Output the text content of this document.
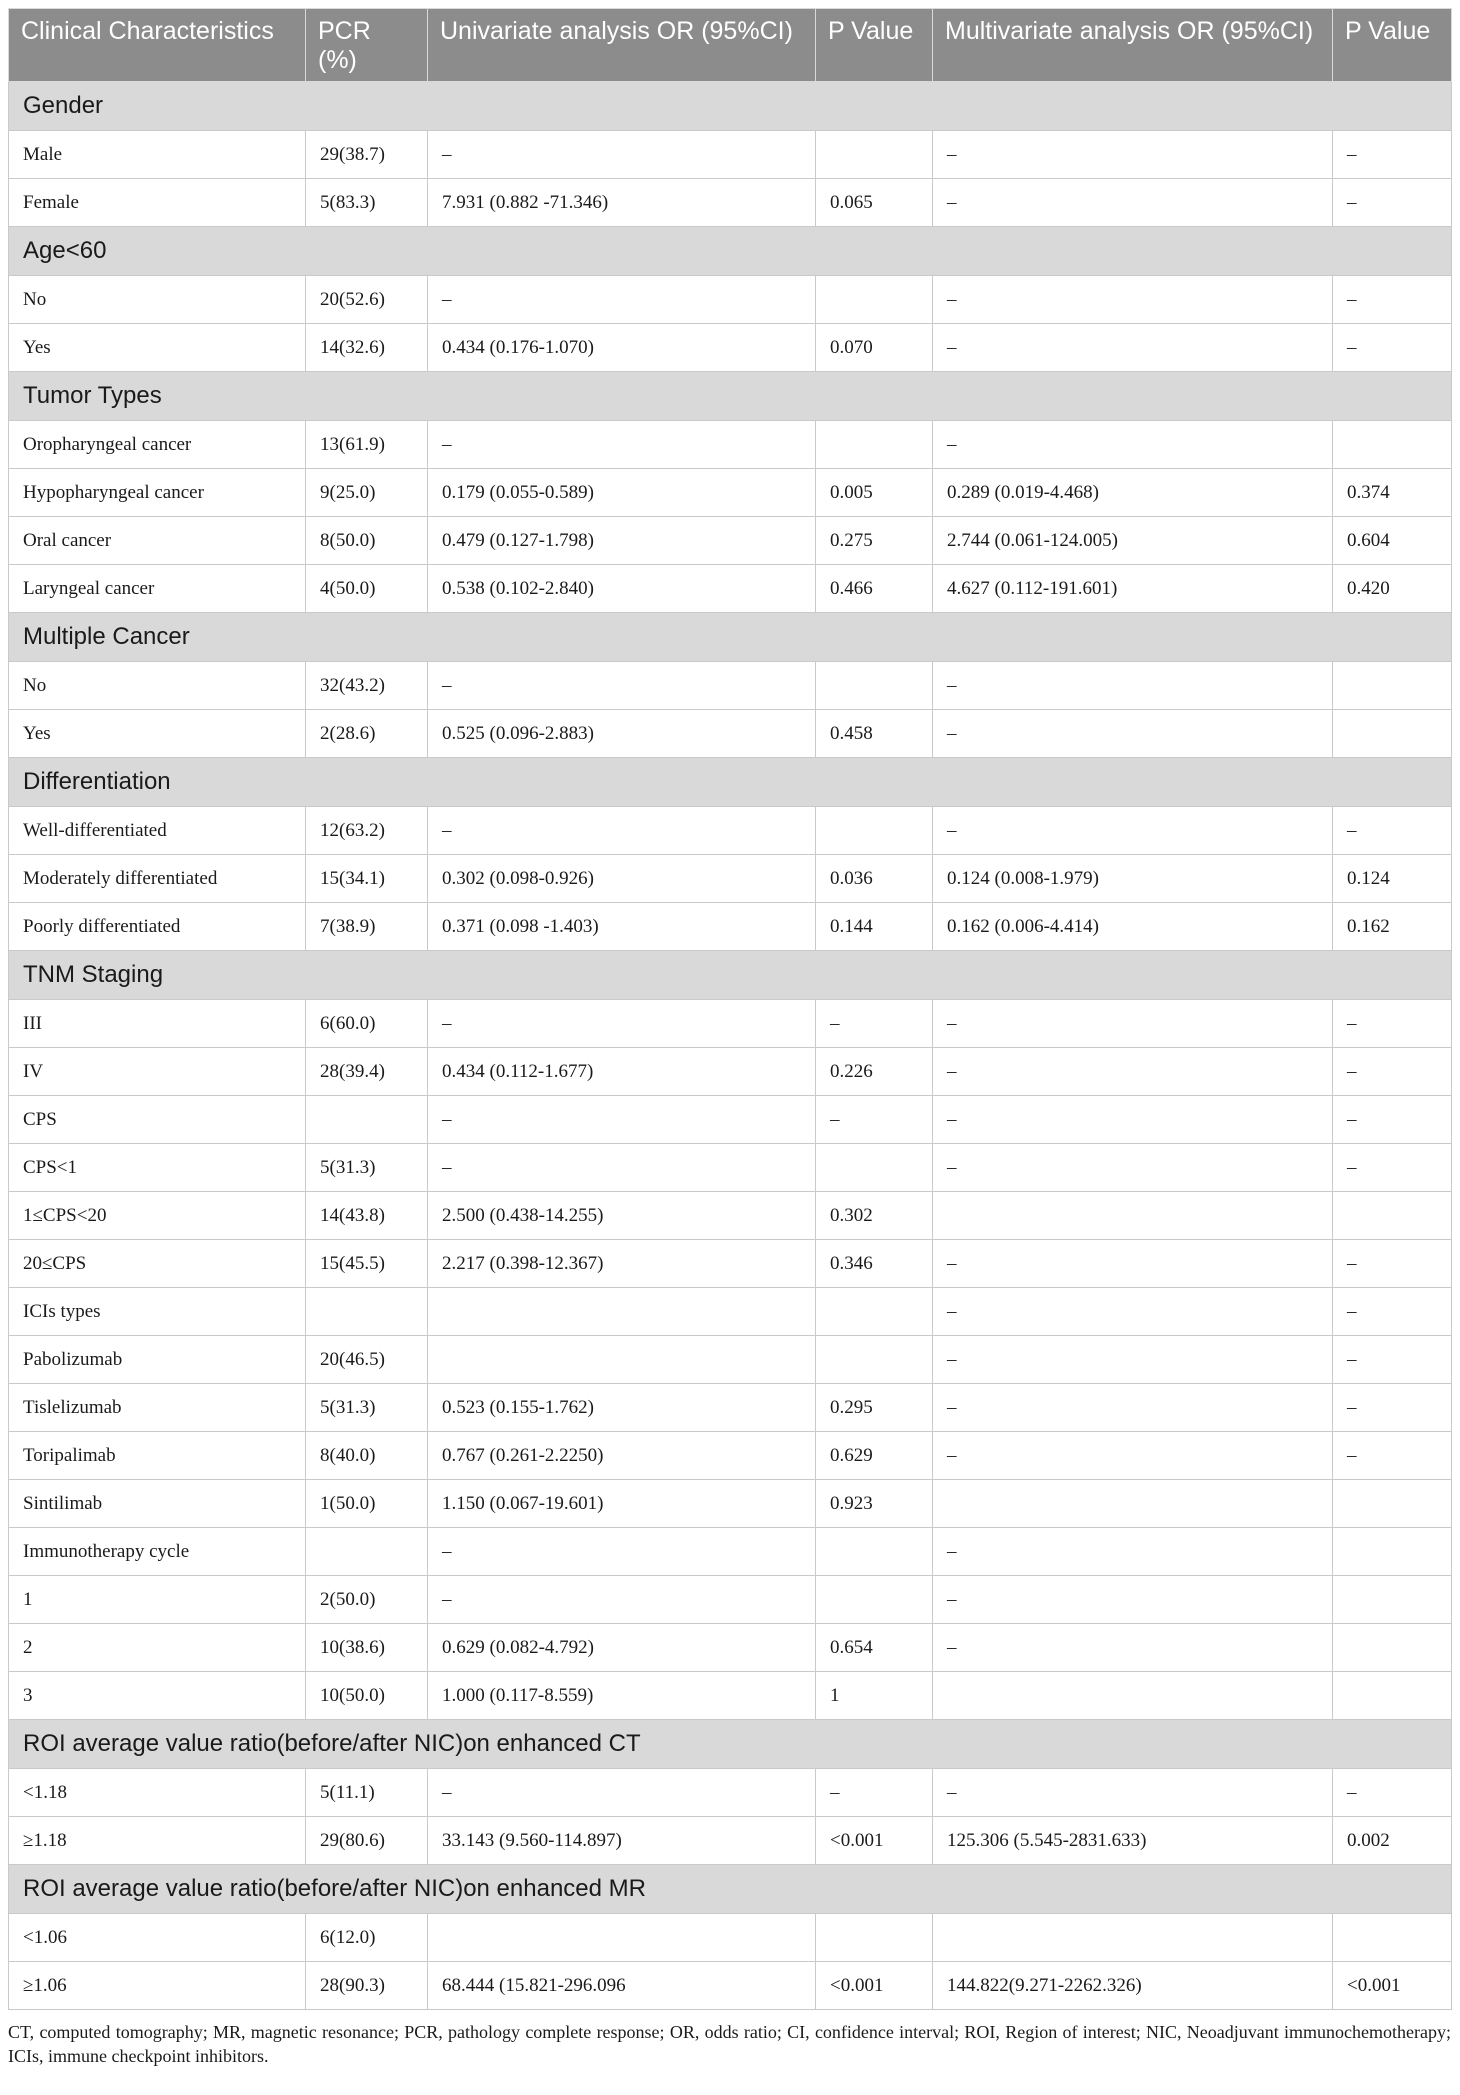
Clinical Characteristics	PCR (%)	Univariate analysis OR (95%CI)	P Value	Multivariate analysis OR (95%CI)	P Value
Gender					
Male	29(38.7)	–		–	–
Female	5(83.3)	7.931 (0.882 -71.346)	0.065	–	–
Age<60					
No	20(52.6)	–		–	–
Yes	14(32.6)	0.434 (0.176-1.070)	0.070	–	–
Tumor Types					
Oropharyngeal cancer	13(61.9)	–		–	
Hypopharyngeal cancer	9(25.0)	0.179 (0.055-0.589)	0.005	0.289 (0.019-4.468)	0.374
Oral cancer	8(50.0)	0.479 (0.127-1.798)	0.275	2.744 (0.061-124.005)	0.604
Laryngeal cancer	4(50.0)	0.538 (0.102-2.840)	0.466	4.627 (0.112-191.601)	0.420
Multiple Cancer					
No	32(43.2)	–		–	
Yes	2(28.6)	0.525 (0.096-2.883)	0.458	–	
Differentiation					
Well-differentiated	12(63.2)	–		–	–
Moderately differentiated	15(34.1)	0.302 (0.098-0.926)	0.036	0.124 (0.008-1.979)	0.124
Poorly differentiated	7(38.9)	0.371 (0.098 -1.403)	0.144	0.162 (0.006-4.414)	0.162
TNM Staging					
III	6(60.0)	–	–	–	–
IV	28(39.4)	0.434 (0.112-1.677)	0.226	–	–
CPS		–	–	–	–
CPS<1	5(31.3)	–		–	–
1≤CPS<20	14(43.8)	2.500 (0.438-14.255)	0.302		
20≤CPS	15(45.5)	2.217 (0.398-12.367)	0.346	–	–
ICIs types				–	–
Pabolizumab	20(46.5)			–	–
Tislelizumab	5(31.3)	0.523 (0.155-1.762)	0.295	–	–
Toripalimab	8(40.0)	0.767 (0.261-2.2250)	0.629	–	–
Sintilimab	1(50.0)	1.150 (0.067-19.601)	0.923		
Immunotherapy cycle		–		–	
1	2(50.0)	–		–	
2	10(38.6)	0.629 (0.082-4.792)	0.654	–	
3	10(50.0)	1.000 (0.117-8.559)	1		
ROI average value ratio(before/after NIC)on enhanced CT					
<1.18	5(11.1)	–	–	–	–
≥1.18	29(80.6)	33.143 (9.560-114.897)	<0.001	125.306 (5.545-2831.633)	0.002
ROI average value ratio(before/after NIC)on enhanced MR					
<1.06	6(12.0)				
≥1.06	28(90.3)	68.444 (15.821-296.096	<0.001	144.822(9.271-2262.326)	<0.001
CT, computed tomography; MR, magnetic resonance; PCR, pathology complete response; OR, odds ratio; CI, confidence interval; ROI, Region of interest; NIC, Neoadjuvant immunochemotherapy; ICIs, immune checkpoint inhibitors.
